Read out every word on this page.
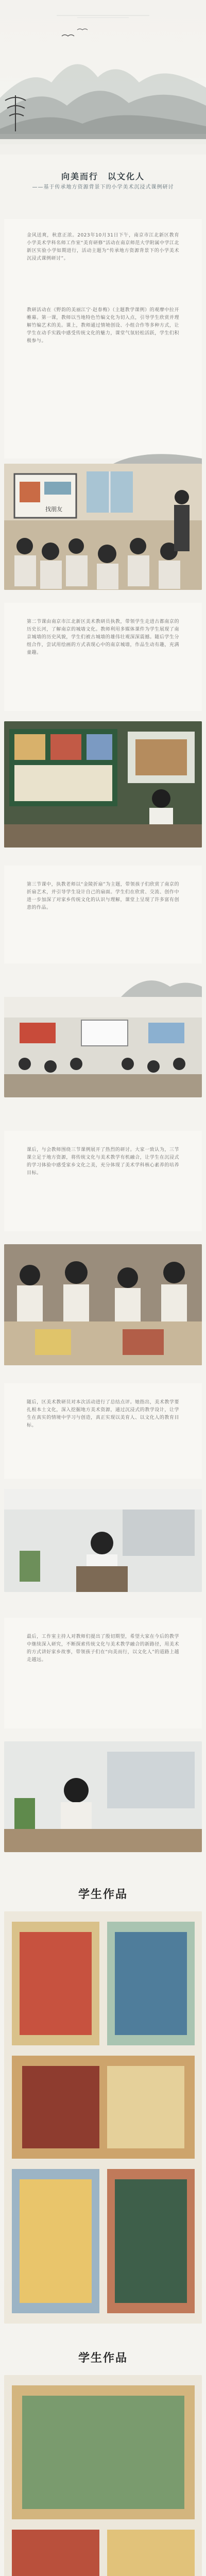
向美而行　以文化人
——基于传承地方资源背景下的小学美术沉浸式课例研讨
金风送爽，秋意正浓。2023年10月31日下午，南京市江北新区教育小学美术学科名师工作室“美育研修”活动在南京师范大学附属中学江北新区实验小学如期进行，活动主题为“传承地方资源背景下的小学美术沉浸式课例研讨”。
教研活动在《野韵的美丽江宁·赵春梅》（主题教学课例）的观摩中拉开帷幕。第一课，教师以当地特色竹编文化为切入点，引导学生欣赏并理解竹编艺术的美。课上，教师通过情境创设、小组合作等多种方式，让学生在动手实践中感受传统文化的魅力，课堂气氛轻松活跃，学生们积极参与。
找朋友
第二节课由南京市江北新区美术教研员执教，带领学生走进古都南京的历史长河，了解南京的城墙文化。教师利用多媒体课件为学生展现了南京城墙的历史风貌，学生们被古城墙的雄伟壮观深深震撼。随后学生分组合作，尝试用绘画的方式表现心中的南京城墙，作品生动有趣，充满童趣。
第三节课中，执教老师以“金陵折扇”为主题，带领孩子们欣赏了南京的折扇艺术，并引导学生设计自己的扇面。学生们在欣赏、交流、创作中进一步加深了对家乡传统文化的认识与理解，课堂上呈现了许多富有创意的作品。
课后，与会教师围绕三节课例展开了热烈的研讨。大家一致认为，三节课立足于地方资源，将传统文化与美术教学有机融合，让学生在沉浸式的学习体验中感受家乡文化之美，充分体现了美术学科核心素养的培养目标。
随后，区美术教研员对本次活动进行了总结点评。她指出，美术教学要扎根本土文化，深入挖掘地方美术资源，通过沉浸式的教学设计，让学生在真实的情境中学习与创造，真正实现以美育人、以文化人的教育目标。
最后，工作室主持人对教师们提出了殷切期望，希望大家在今后的教学中继续深入研究，不断探索传统文化与美术教学融合的新路径，用美术的方式讲好家乡故事，带领孩子们在“向美而行，以文化人”的道路上越走越远。
学生作品
学生作品
